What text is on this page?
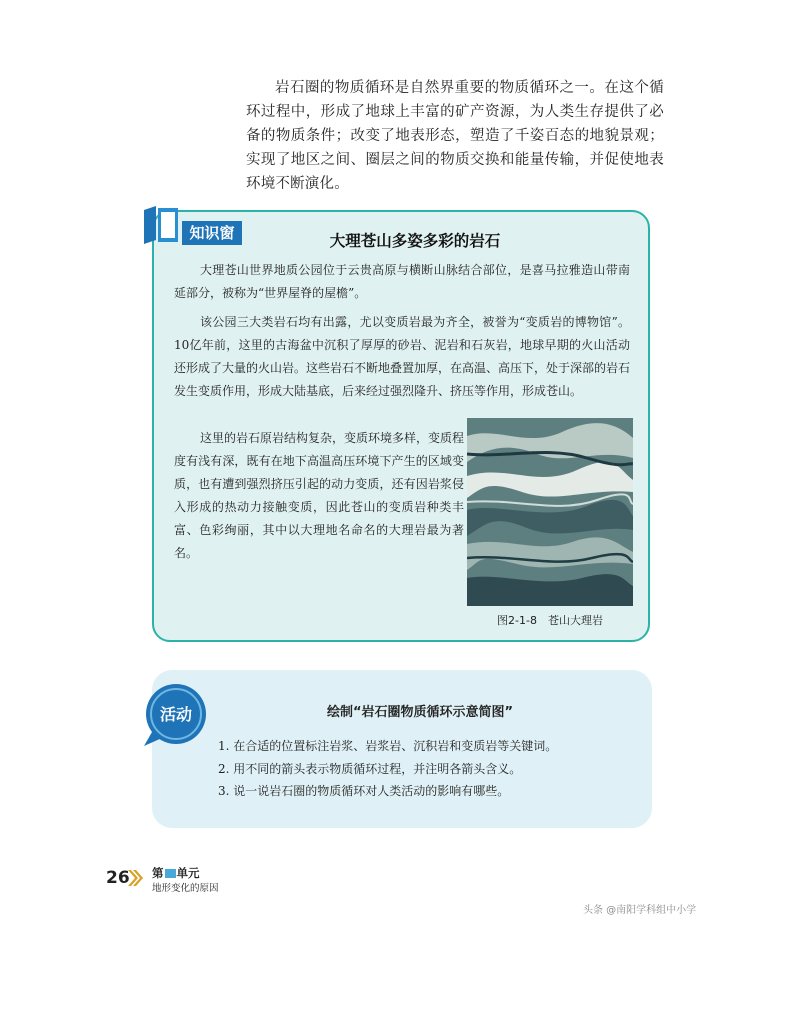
岩石圈的物质循环是自然界重要的物质循环之一。在这个循环过程中，形成了地球上丰富的矿产资源，为人类生存提供了必备的物质条件；改变了地表形态，塑造了千姿百态的地貌景观；实现了地区之间、圈层之间的物质交换和能量传输，并促使地表环境不断演化。
知识窗	大理苍山多姿多彩的岩石
大理苍山世界地质公园位于云贵高原与横断山脉结合部位，是喜马拉雅造山带南延部分，被称为“世界屋脊的屋檐”。
该公园三大类岩石均有出露，尤以变质岩最为齐全，被誉为“变质岩的博物馆”。10亿年前，这里的古海盆中沉积了厚厚的砂岩、泥岩和石灰岩，地球早期的火山活动还形成了大量的火山岩。这些岩石不断地叠置加厚，在高温、高压下，处于深部的岩石发生变质作用，形成大陆基底，后来经过强烈隆升、挤压等作用，形成苍山。
这里的岩石原岩结构复杂，变质环境多样，变质程度有浅有深，既有在地下高温高压环境下产生的区域变质，也有遭到强烈挤压引起的动力变质，还有因岩浆侵入形成的热动力接触变质，因此苍山的变质岩种类丰富、色彩绚丽，其中以大理地名命名的大理岩最为著名。
图2-1-8　苍山大理岩
活动	绘制“岩石圈物质循环示意简图”
1. 在合适的位置标注岩浆、岩浆岩、沉积岩和变质岩等关键词。
2. 用不同的箭头表示物质循环过程，并注明各箭头含义。
3. 说一说岩石圈的物质循环对人类活动的影响有哪些。
26 第 单元
地形变化的原因
头条 @南阳学科组中小学
